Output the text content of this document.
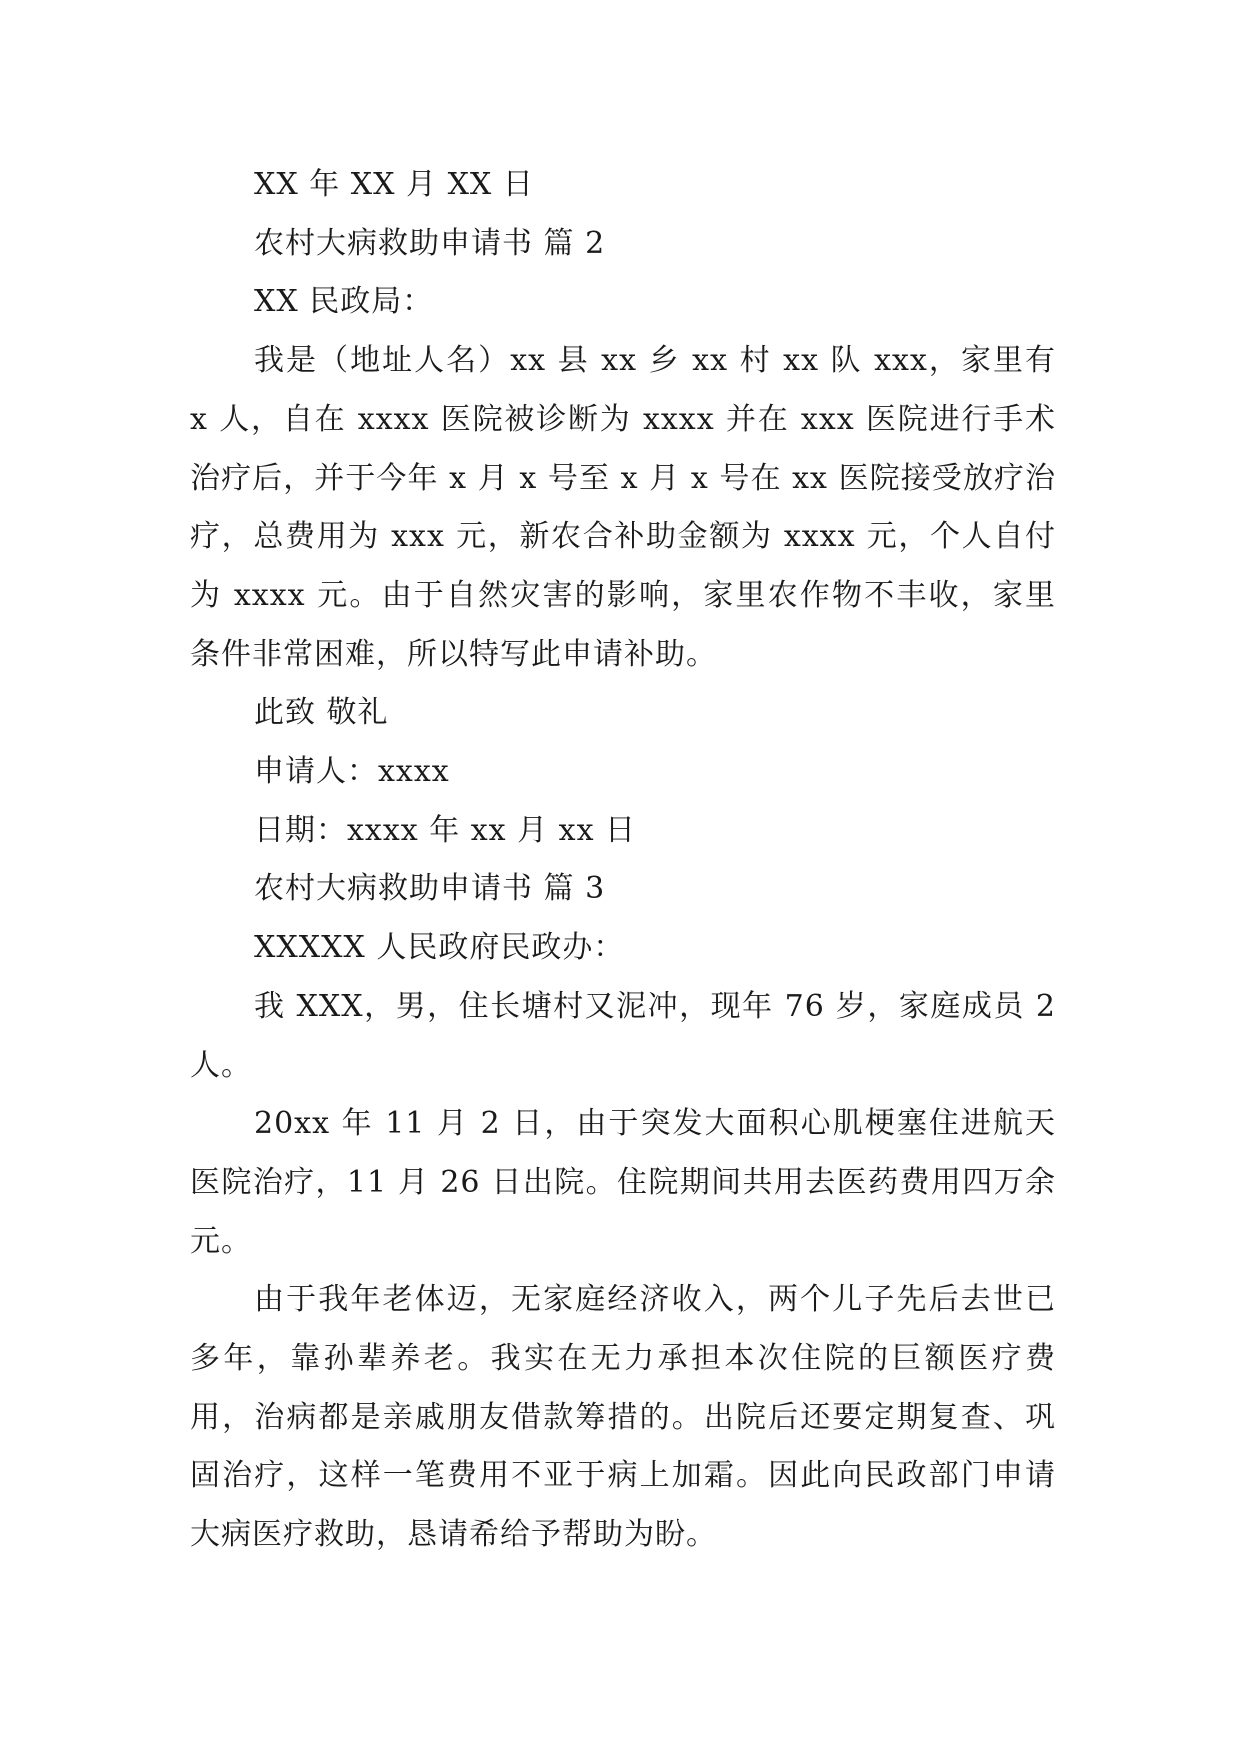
XX 年 XX 月 XX 日

农村大病救助申请书 篇 2

XX 民政局：

我是（地址人名）xx 县 xx 乡 xx 村 xx 队 xxx，家里有 x 人，自在 xxxx 医院被诊断为 xxxx 并在 xxx 医院进行手术治疗后，并于今年 x 月 x 号至 x 月 x 号在 xx 医院接受放疗治疗，总费用为 xxx 元，新农合补助金额为 xxxx 元，个人自付为 xxxx 元。由于自然灾害的影响，家里农作物不丰收，家里条件非常困难，所以特写此申请补助。

此致 敬礼

申请人：xxxx

日期：xxxx 年 xx 月 xx 日

农村大病救助申请书 篇 3

XXXXX 人民政府民政办：

我 XXX，男，住长塘村又泥冲，现年 76 岁，家庭成员 2 人。

20xx 年 11 月 2 日，由于突发大面积心肌梗塞住进航天医院治疗，11 月 26 日出院。住院期间共用去医药费用四万余元。

由于我年老体迈，无家庭经济收入，两个儿子先后去世已多年，靠孙辈养老。我实在无力承担本次住院的巨额医疗费用，治病都是亲戚朋友借款筹措的。出院后还要定期复查、巩固治疗，这样一笔费用不亚于病上加霜。因此向民政部门申请大病医疗救助，恳请希给予帮助为盼。
